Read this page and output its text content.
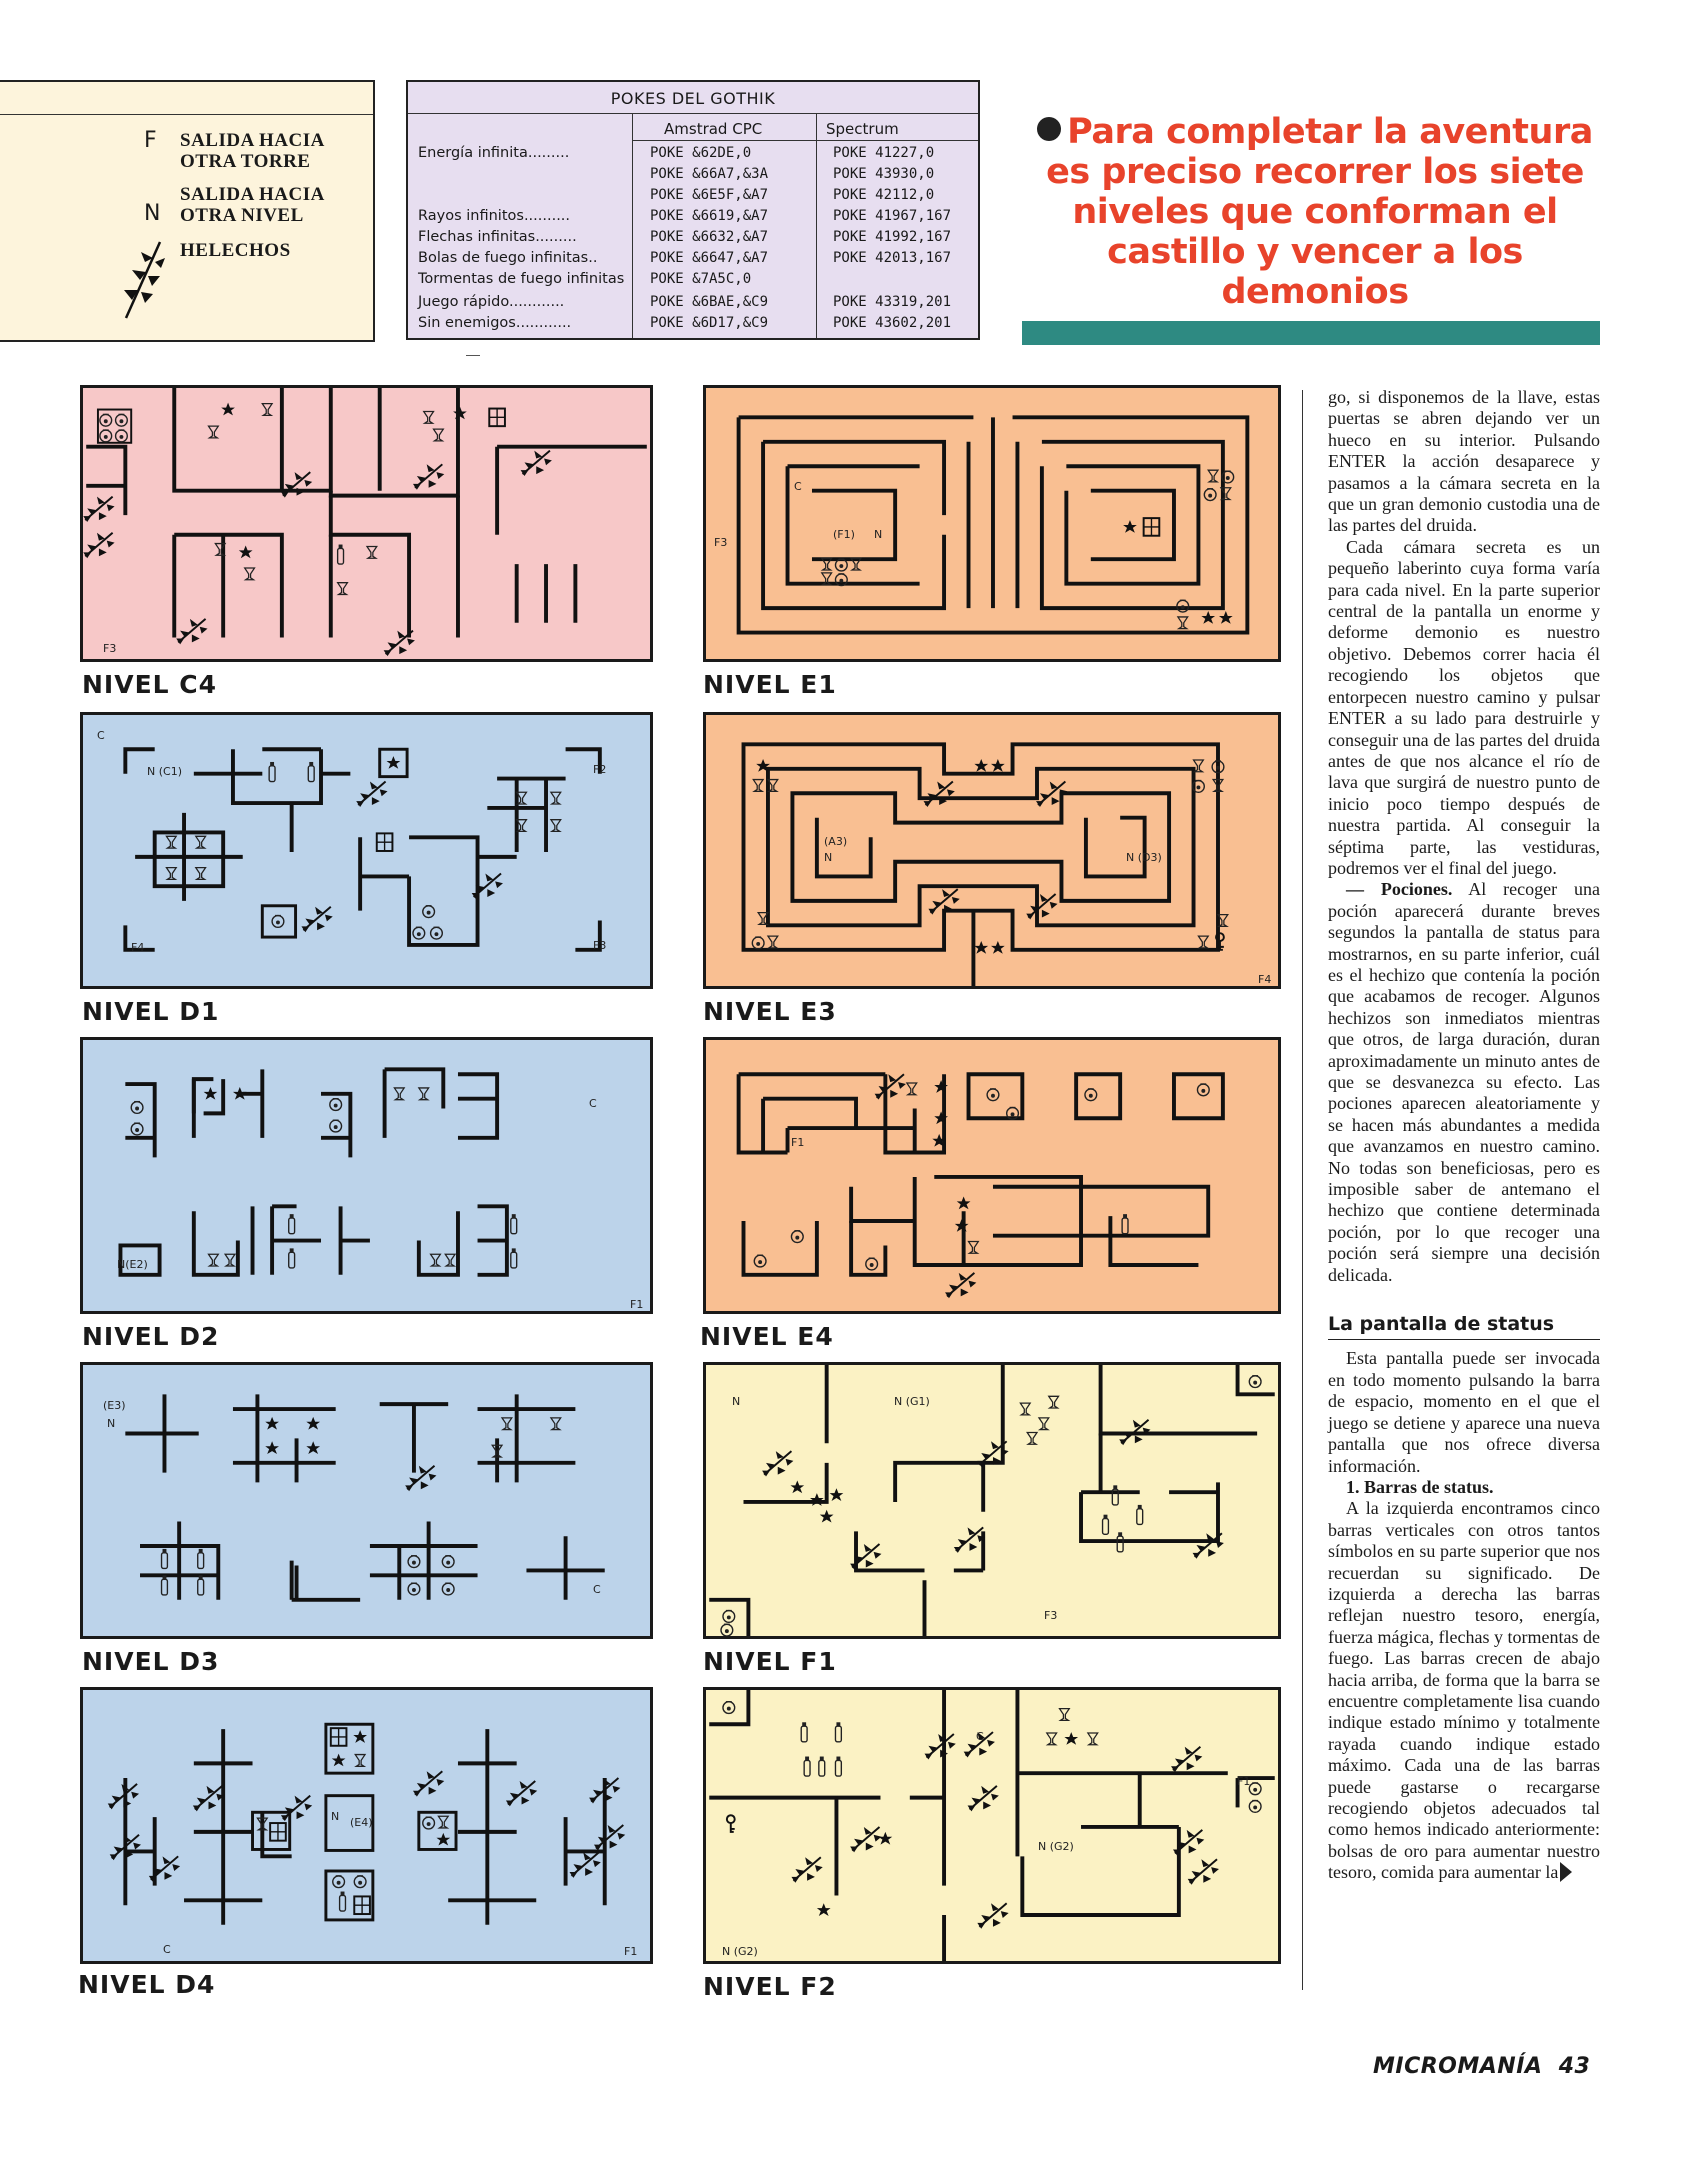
F SALIDA HACIA
OTRA TORRE
N
SALIDA HACIA
OTRA NIVEL
HELECHOS
POKES DEL GOTHIK
Amstrad CPC	Spectrum
Energía infinita.........	POKE &62DE,0	POKE 41227,0
POKE &66A7,&3A	POKE 43930,0
POKE &6E5F,&A7	POKE 42112,0
Rayos infinitos..........	POKE &6619,&A7	POKE 41967,167
Flechas infinitas.........	POKE &6632,&A7	POKE 41992,167
Bolas de fuego infinitas..	POKE &6647,&A7	POKE 42013,167
Tormentas de fuego infinitas POKE &7A5C,0
Juego rápido............	POKE &6BAE,&C9	POKE 43319,201
Sin enemigos............	POKE &6D17,&C9	POKE 43602,201
Para completar la aventura
es preciso recorrer los siete
niveles que conforman el
castillo y vencer a los
demonios
F3
NIVEL C4
F3
C
(F1) N
NIVEL E1
C
N (C1)	F2
F4	F3
NIVEL D1
(A3)
N	N (D3)
F4
NIVEL E3
C
N(E2)
F1
NIVEL D2
F1
NIVEL E4
(E3)
N
C
NIVEL D3
N	N (G1)
F3
NIVEL F1
N (E4)
C	F1
NIVEL D4
C
F1
N (G2)
N (G2)
NIVEL F2

go, si disponemos de la llave, estas puertas se abren dejando ver un hueco en su interior. Pulsando ENTER la acción desaparece y pasamos a la cámara secreta en la que un gran demonio custodia una de las partes del druida.

Cada cámara secreta es un pequeño laberinto cuya forma varía para cada nivel. En la parte superior central de la pantalla un enorme y deforme demonio es nuestro objetivo. Debemos correr hacia él recogiendo los objetos que entorpecen nuestro camino y pulsar ENTER a su lado para destruirle y conseguir una de las partes del druida antes de que nos alcance el río de lava que surgirá de nuestro punto de inicio poco tiempo después de nuestra partida. Al conseguir la séptima parte, las vestiduras, podremos ver el final del juego.

— Pociones. Al recoger una poción aparecerá durante breves segundos la pantalla de status para mostrarnos, en su parte inferior, cuál es el hechizo que contenía la poción que acabamos de recoger. Algunos hechizos son inmediatos mientras que otros, de larga duración, duran aproximadamente un minuto antes de que se desvanezca su efecto. Las pociones aparecen aleatoriamente y se hacen más abundantes a medida que avanzamos en nuestro camino. No todas son beneficiosas, pero es imposible saber de antemano el hechizo que contiene determinada poción, por lo que recoger una poción será siempre una decisión delicada.

La pantalla de status

Esta pantalla puede ser invocada en todo momento pulsando la barra de espacio, momento en el que el juego se detiene y aparece una nueva pantalla que nos ofrece diversa información.

1. Barras de status.

A la izquierda encontramos cinco barras verticales con otros tantos símbolos en su parte superior que nos recuerdan su significado. De izquierda a derecha las barras reflejan nuestro tesoro, energía, fuerza mágica, flechas y tormentas de fuego. Las barras crecen de abajo hacia arriba, de forma que la barra se encuentre completamente lisa cuando indique estado mínimo y totalmente rayada cuando indique estado máximo. Cada una de las barras puede gastarse o recargarse recogiendo objetos adecuados tal como hemos indicado anteriormente: bolsas de oro para aumentar nuestro tesoro, comida para aumentar la

MICROMANÍA 43
